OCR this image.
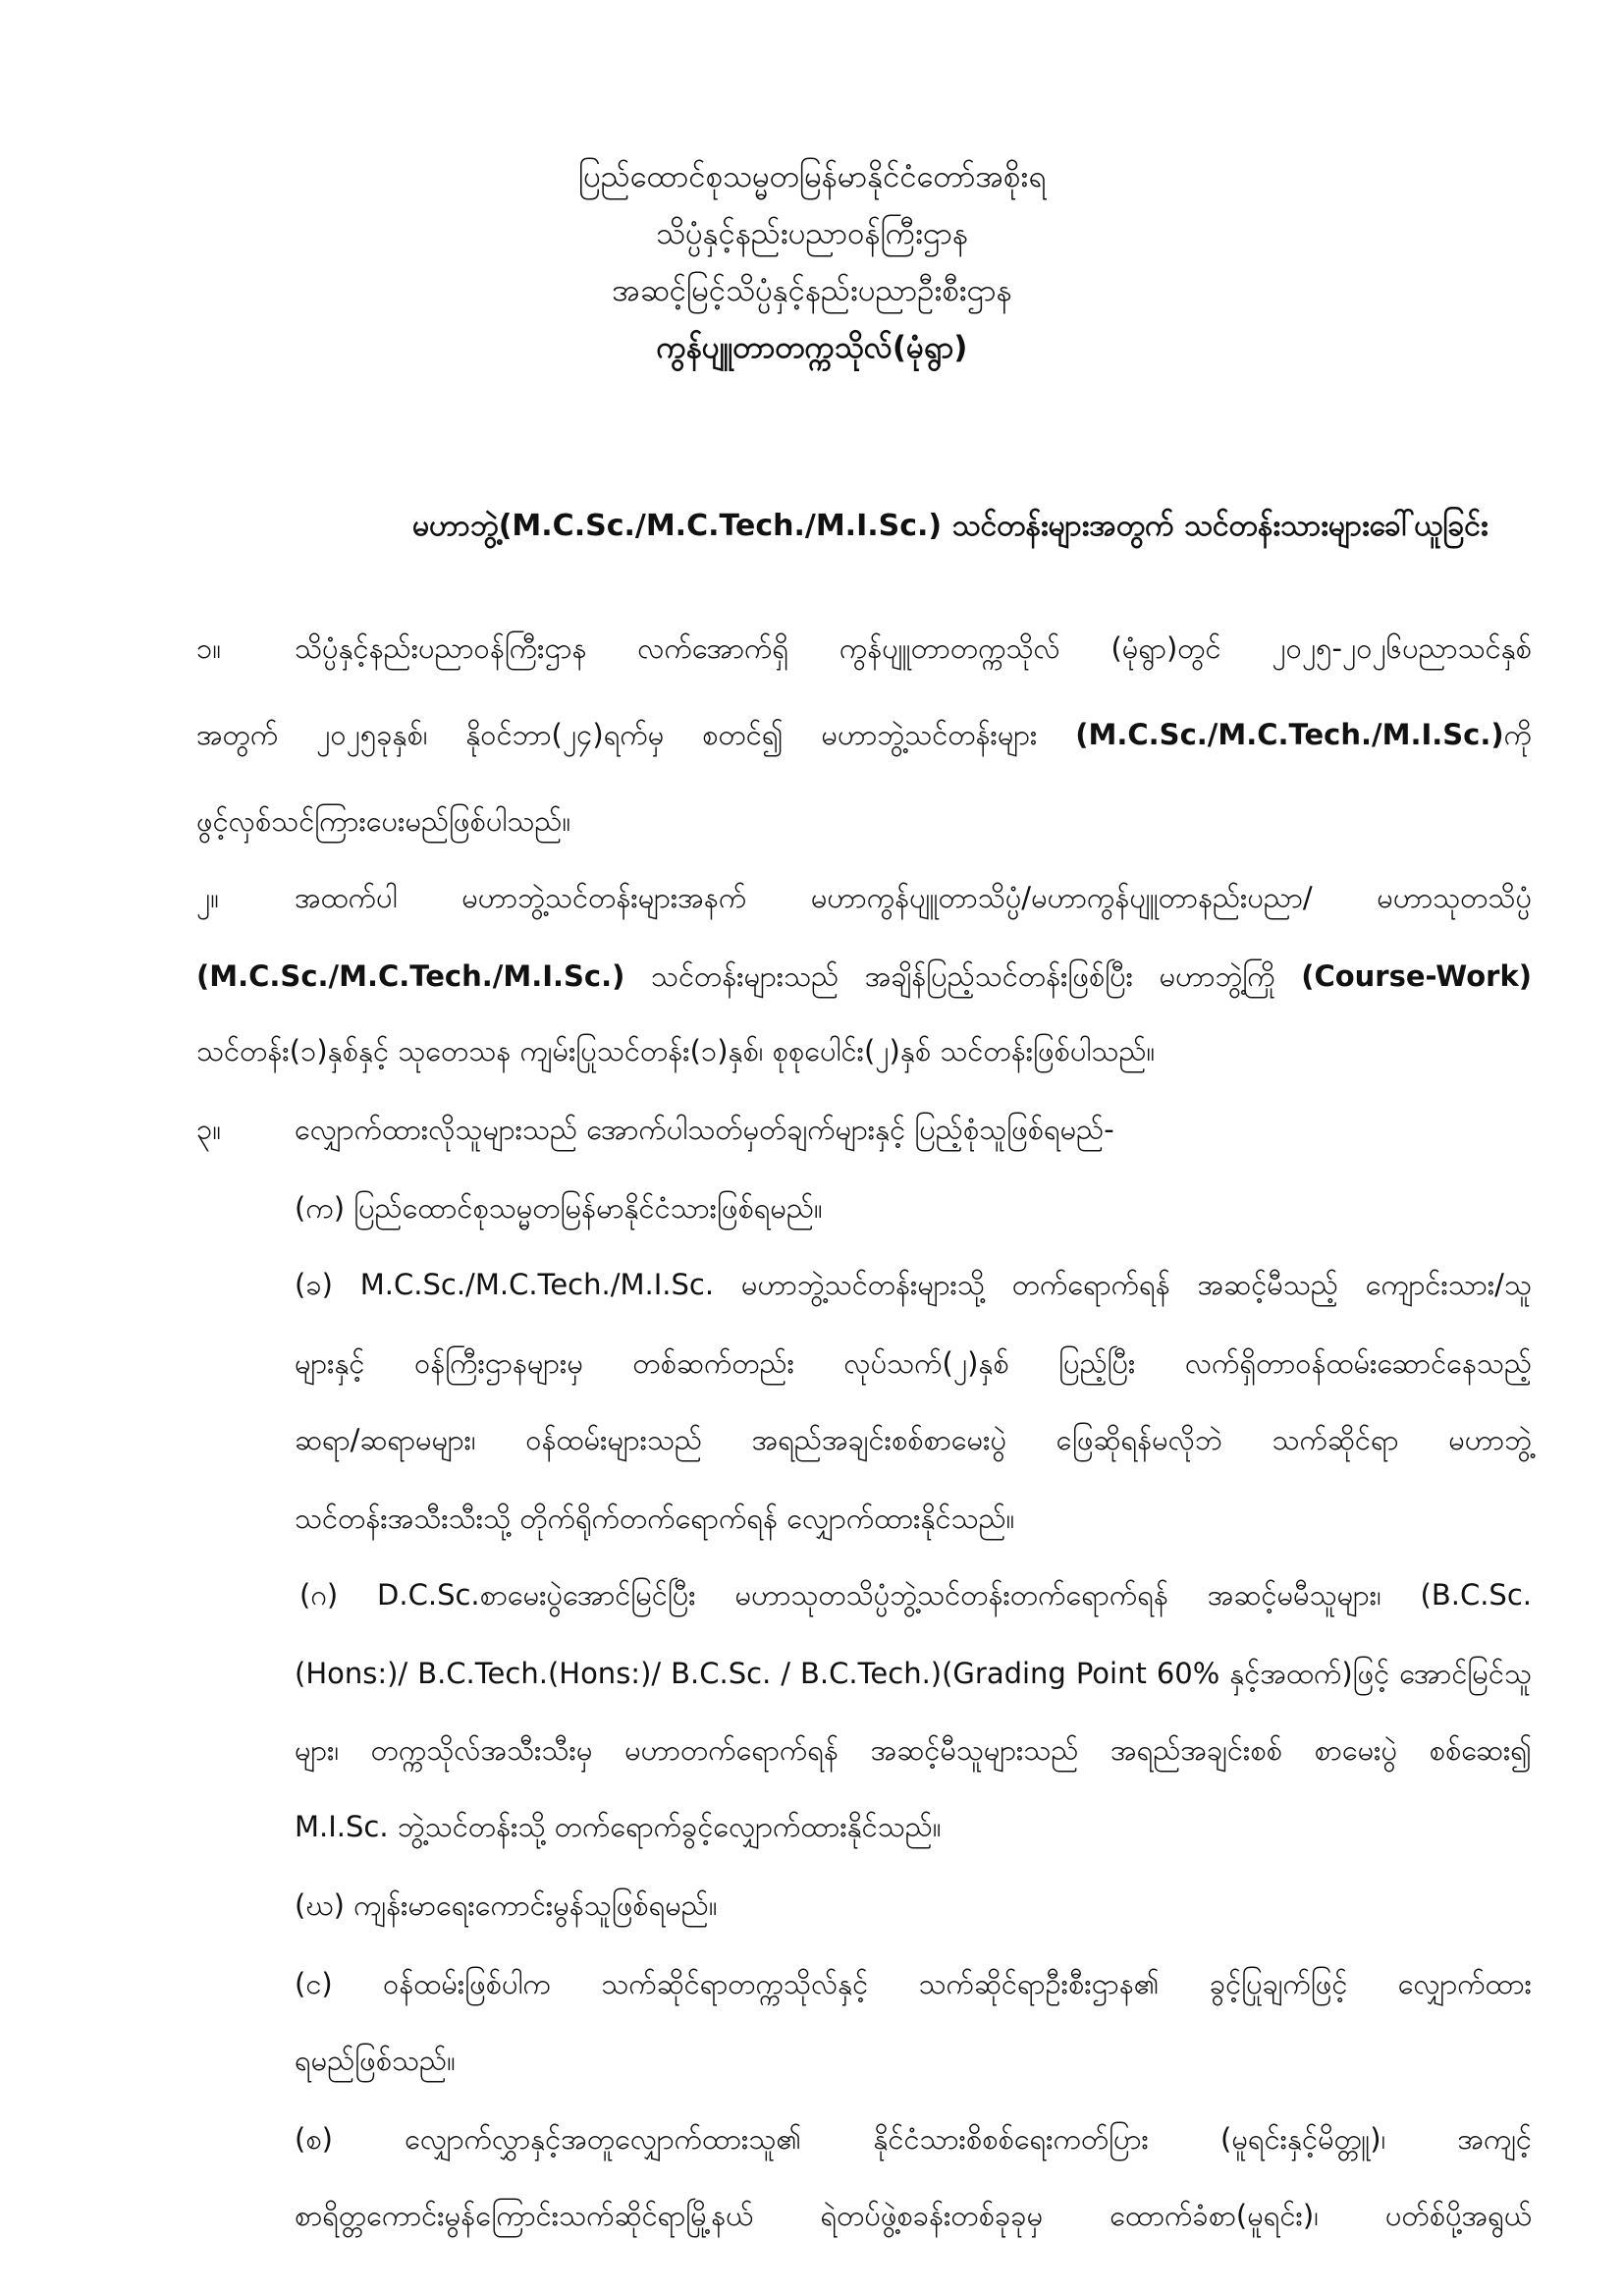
ပြည်ထောင်စုသမ္မတမြန်မာနိုင်ငံတော်အစိုးရ
သိပ္ပံနှင့်နည်းပညာဝန်ကြီးဌာန
အဆင့်မြင့်သိပ္ပံနှင့်နည်းပညာဦးစီးဌာန
ကွန်ပျူတာတက္ကသိုလ်(မုံရွာ)
မဟာဘွဲ့(M.C.Sc./M.C.Tech./M.I.Sc.) သင်တန်းများအတွက် သင်တန်းသားများခေါ်ယူခြင်း
၁။	သိပ္ပံနှင့်နည်းပညာဝန်ကြီးဌာန လက်အောက်ရှိ ကွန်ပျူတာတက္ကသိုလ် (မုံရွာ)တွင် ၂၀၂၅-၂၀၂၆ပညာသင်နှစ်
အတွက် ၂၀၂၅ခုနှစ်၊ နိုဝင်ဘာ(၂၄)ရက်မှ စတင်၍ မဟာဘွဲ့သင်တန်းများ (M.C.Sc./M.C.Tech./M.I.Sc.)ကို
ဖွင့်လှစ်သင်ကြားပေးမည်ဖြစ်ပါသည်။
၂။	အထက်ပါ မဟာဘွဲ့သင်တန်းများအနက် မဟာကွန်ပျူတာသိပ္ပံ/မဟာကွန်ပျူတာနည်းပညာ/ မဟာသုတသိပ္ပံ
(M.C.Sc./M.C.Tech./M.I.Sc.) သင်တန်းများသည် အချိန်ပြည့်သင်တန်းဖြစ်ပြီး မဟာဘွဲ့ကြို (Course-Work)
သင်တန်း(၁)နှစ်နှင့် သုတေသန ကျမ်းပြုသင်တန်း(၁)နှစ်၊ စုစုပေါင်း(၂)နှစ် သင်တန်းဖြစ်ပါသည်။
၃။	လျှောက်ထားလိုသူများသည် အောက်ပါသတ်မှတ်ချက်များနှင့် ပြည့်စုံသူဖြစ်ရမည်-
(က) ပြည်ထောင်စုသမ္မတမြန်မာနိုင်ငံသားဖြစ်ရမည်။
(ခ) M.C.Sc./M.C.Tech./M.I.Sc. မဟာဘွဲ့သင်တန်းများသို့ တက်ရောက်ရန် အဆင့်မီသည့် ကျောင်းသား/သူ
များနှင့် ဝန်ကြီးဌာနများမှ တစ်ဆက်တည်း လုပ်သက်(၂)နှစ် ပြည့်ပြီး လက်ရှိတာဝန်ထမ်းဆောင်နေသည့်
ဆရာ/ဆရာမများ၊ ဝန်ထမ်းများသည် အရည်အချင်းစစ်စာမေးပွဲ ဖြေဆိုရန်မလိုဘဲ သက်ဆိုင်ရာ မဟာဘွဲ့
သင်တန်းအသီးသီးသို့ တိုက်ရိုက်တက်ရောက်ရန် လျှောက်ထားနိုင်သည်။
(ဂ) D.C.Sc.စာမေးပွဲအောင်မြင်ပြီး မဟာသုတသိပ္ပံဘွဲ့သင်တန်းတက်ရောက်ရန် အဆင့်မမီသူများ၊ (B.C.Sc.
(Hons:)/ B.C.Tech.(Hons:)/ B.C.Sc. / B.C.Tech.)(Grading Point 60% နှင့်အထက်)ဖြင့် အောင်မြင်သူ
များ၊ တက္ကသိုလ်အသီးသီးမှ မဟာတက်ရောက်ရန် အဆင့်မီသူများသည် အရည်အချင်းစစ် စာမေးပွဲ စစ်ဆေး၍
M.I.Sc. ဘွဲ့သင်တန်းသို့ တက်ရောက်ခွင့်လျှောက်ထားနိုင်သည်။
(ဃ) ကျန်းမာရေးကောင်းမွန်သူဖြစ်ရမည်။
(င) ဝန်ထမ်းဖြစ်ပါက သက်ဆိုင်ရာတက္ကသိုလ်နှင့် သက်ဆိုင်ရာဦးစီးဌာန၏ ခွင့်ပြုချက်ဖြင့် လျှောက်ထား
ရမည်ဖြစ်သည်။
(စ) လျှောက်လွှာနှင့်အတူလျှောက်ထားသူ၏ နိုင်ငံသားစိစစ်ရေးကတ်ပြား (မူရင်းနှင့်မိတ္တူ)၊ အကျင့်
စာရိတ္တကောင်းမွန်ကြောင်းသက်ဆိုင်ရာမြို့နယ် ရဲတပ်ဖွဲ့စခန်းတစ်ခုခုမှ ထောက်ခံစာ(မူရင်း)၊ ပတ်စ်ပို့အရွယ်
